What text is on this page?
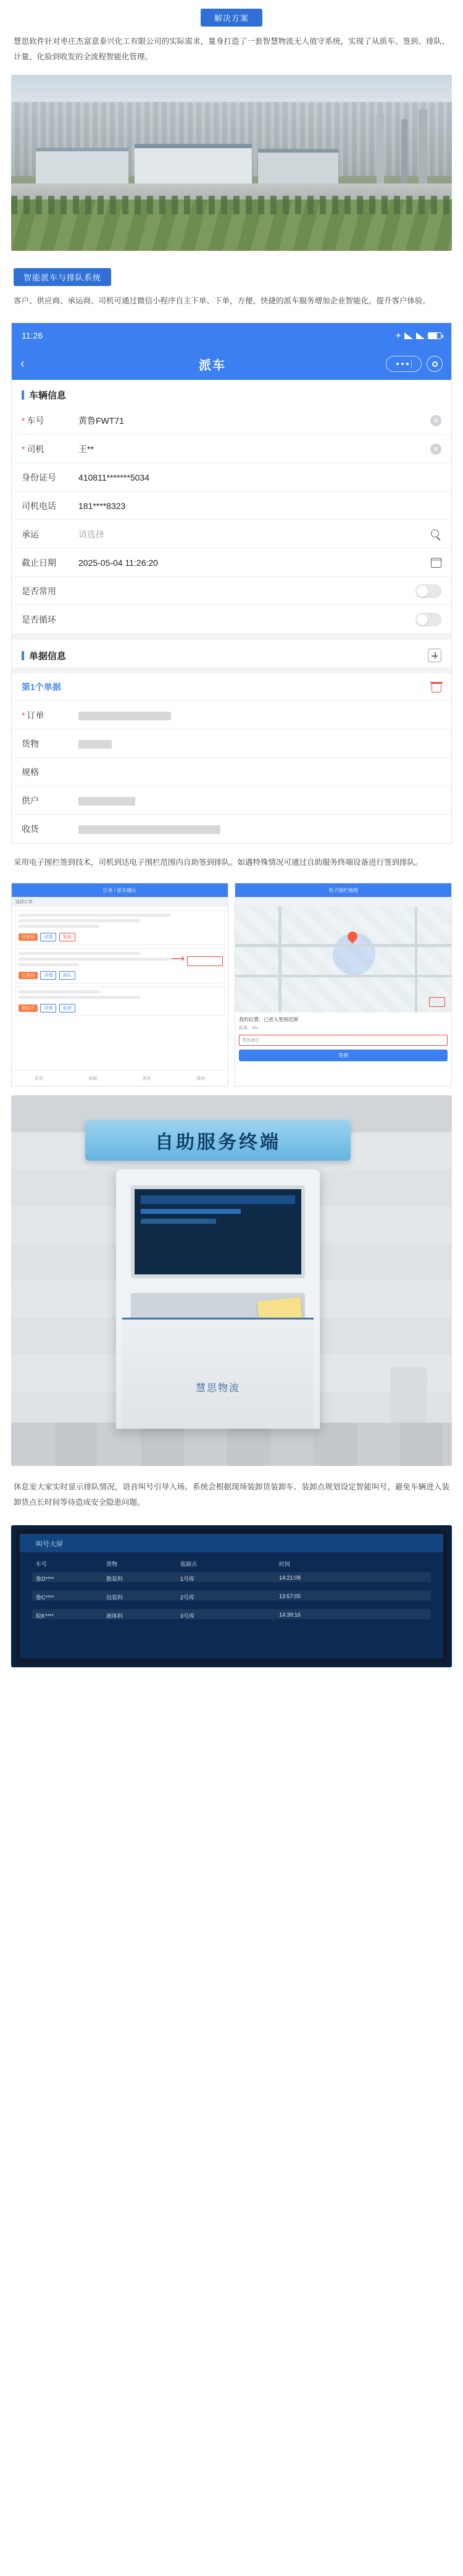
解决方案
慧思软件针对枣庄杰富意泰兴化工有限公司的实际需求，量身打造了一套智慧物流无人值守系统，实现了从质车、签到、排队、计量、化验到收发的全流程智能化管理。
智能派车与排队系统
客户、供应商、承运商、司机可通过微信小程序自主下单、下单，方便、快捷的派车服务增加企业智能化，提升客户体验。
11:26	✈
‹	派车
车辆信息
* 车号	黄鲁FWT71	✕
* 司机	王**	✕
身份证号	410811*******5034
司机电话	181****8323
承运	请选择
截止日期	2025-05-04 11:26:20
是否常用
是否循环
单据信息
第1个单据
* 订单
货物
规格
供户
收货
采用电子围栏签到技术，司机到达电子围栏范围内自助签到排队。如遇特殊情况可通过自助服务终端设备进行签到排队。
订单 / 派车确认
选择订单
待签到 详情 签到
已签到 详情 排队
排队中 详情 取消
⟶
首页	单据	消息	我的
电子围栏地图
我的位置：已进入签到范围
距离：0m
签到备注
签到
自助服务终端
慧思物流
休息室大家实时显示排队情况，语音叫号引导入场。系统会根据现场装卸货装卸车、装卸点规划设定智能叫号，避免车辆进入装卸货点长时间等待造成安全隐患问题。
叫号大屏
车号	货物	装卸点	时间
鲁D****	散装料	1号库	14:21:08
鲁C****	包装料	2号库	13:57:05
皖K****	液体料	3号库	14:39:16
